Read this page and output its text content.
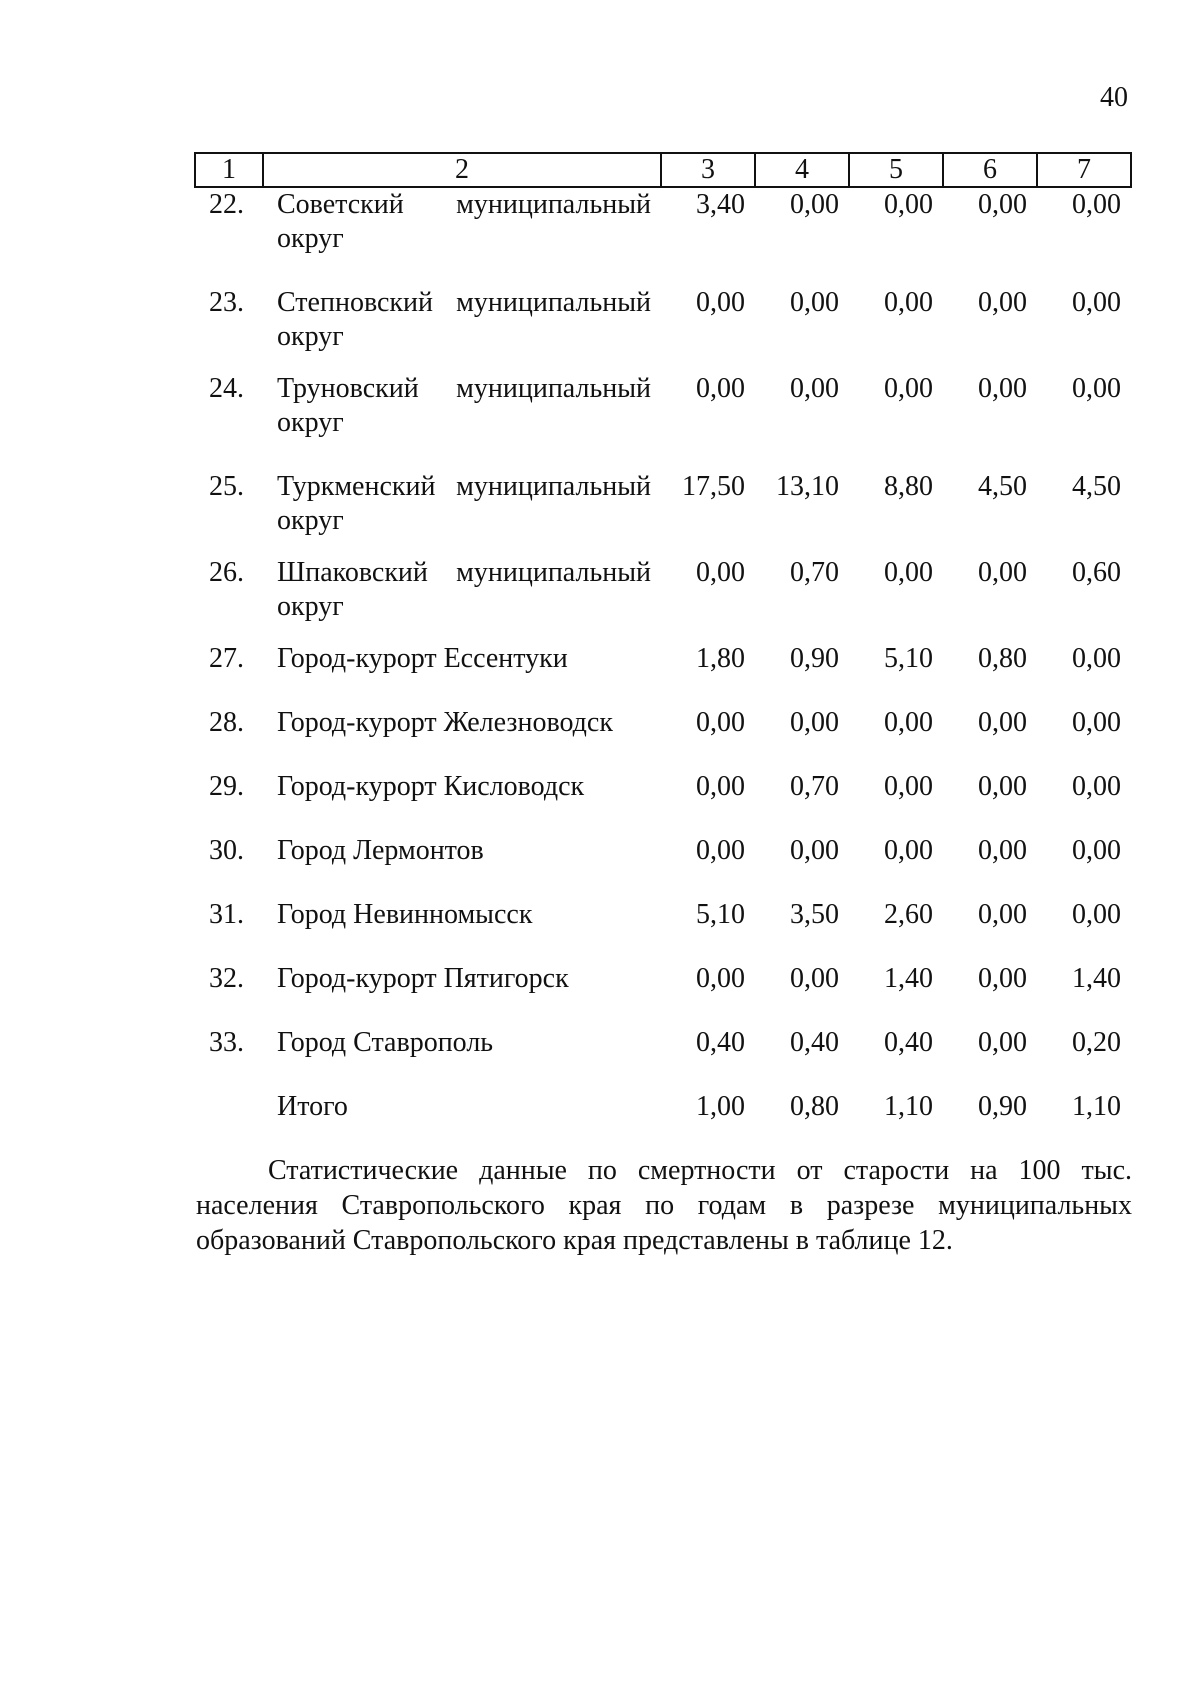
40
1	2	3	4	5	6	7
22.	Советский муниципальный
округ	3,40	0,00	0,00	0,00	0,00

23.	Степновский муниципальный
округ	0,00	0,00	0,00	0,00	0,00

24.	Труновский муниципальный
округ	0,00	0,00	0,00	0,00	0,00

25.	Туркменский муниципальный
округ	17,50	13,10	8,80	4,50	4,50

26.	Шпаковский муниципальный
округ	0,00	0,70	0,00	0,00	0,60

27.	Город-курорт Ессентуки	1,80	0,90	5,10	0,80	0,00

28.	Город-курорт Железноводск	0,00	0,00	0,00	0,00	0,00

29.	Город-курорт Кисловодск	0,00	0,70	0,00	0,00	0,00

30.	Город Лермонтов	0,00	0,00	0,00	0,00	0,00

31.	Город Невинномысск	5,10	3,50	2,60	0,00	0,00

32.	Город-курорт Пятигорск	0,00	0,00	1,40	0,00	1,40

33.	Город Ставрополь	0,40	0,40	0,40	0,00	0,20

	Итого	1,00	0,80	1,10	0,90	1,10
Статистические данные по смертности от старости на 100 тыс. населения Ставропольского края по годам в разрезе муниципальных образований Ставропольского края представлены в таблице 12.
